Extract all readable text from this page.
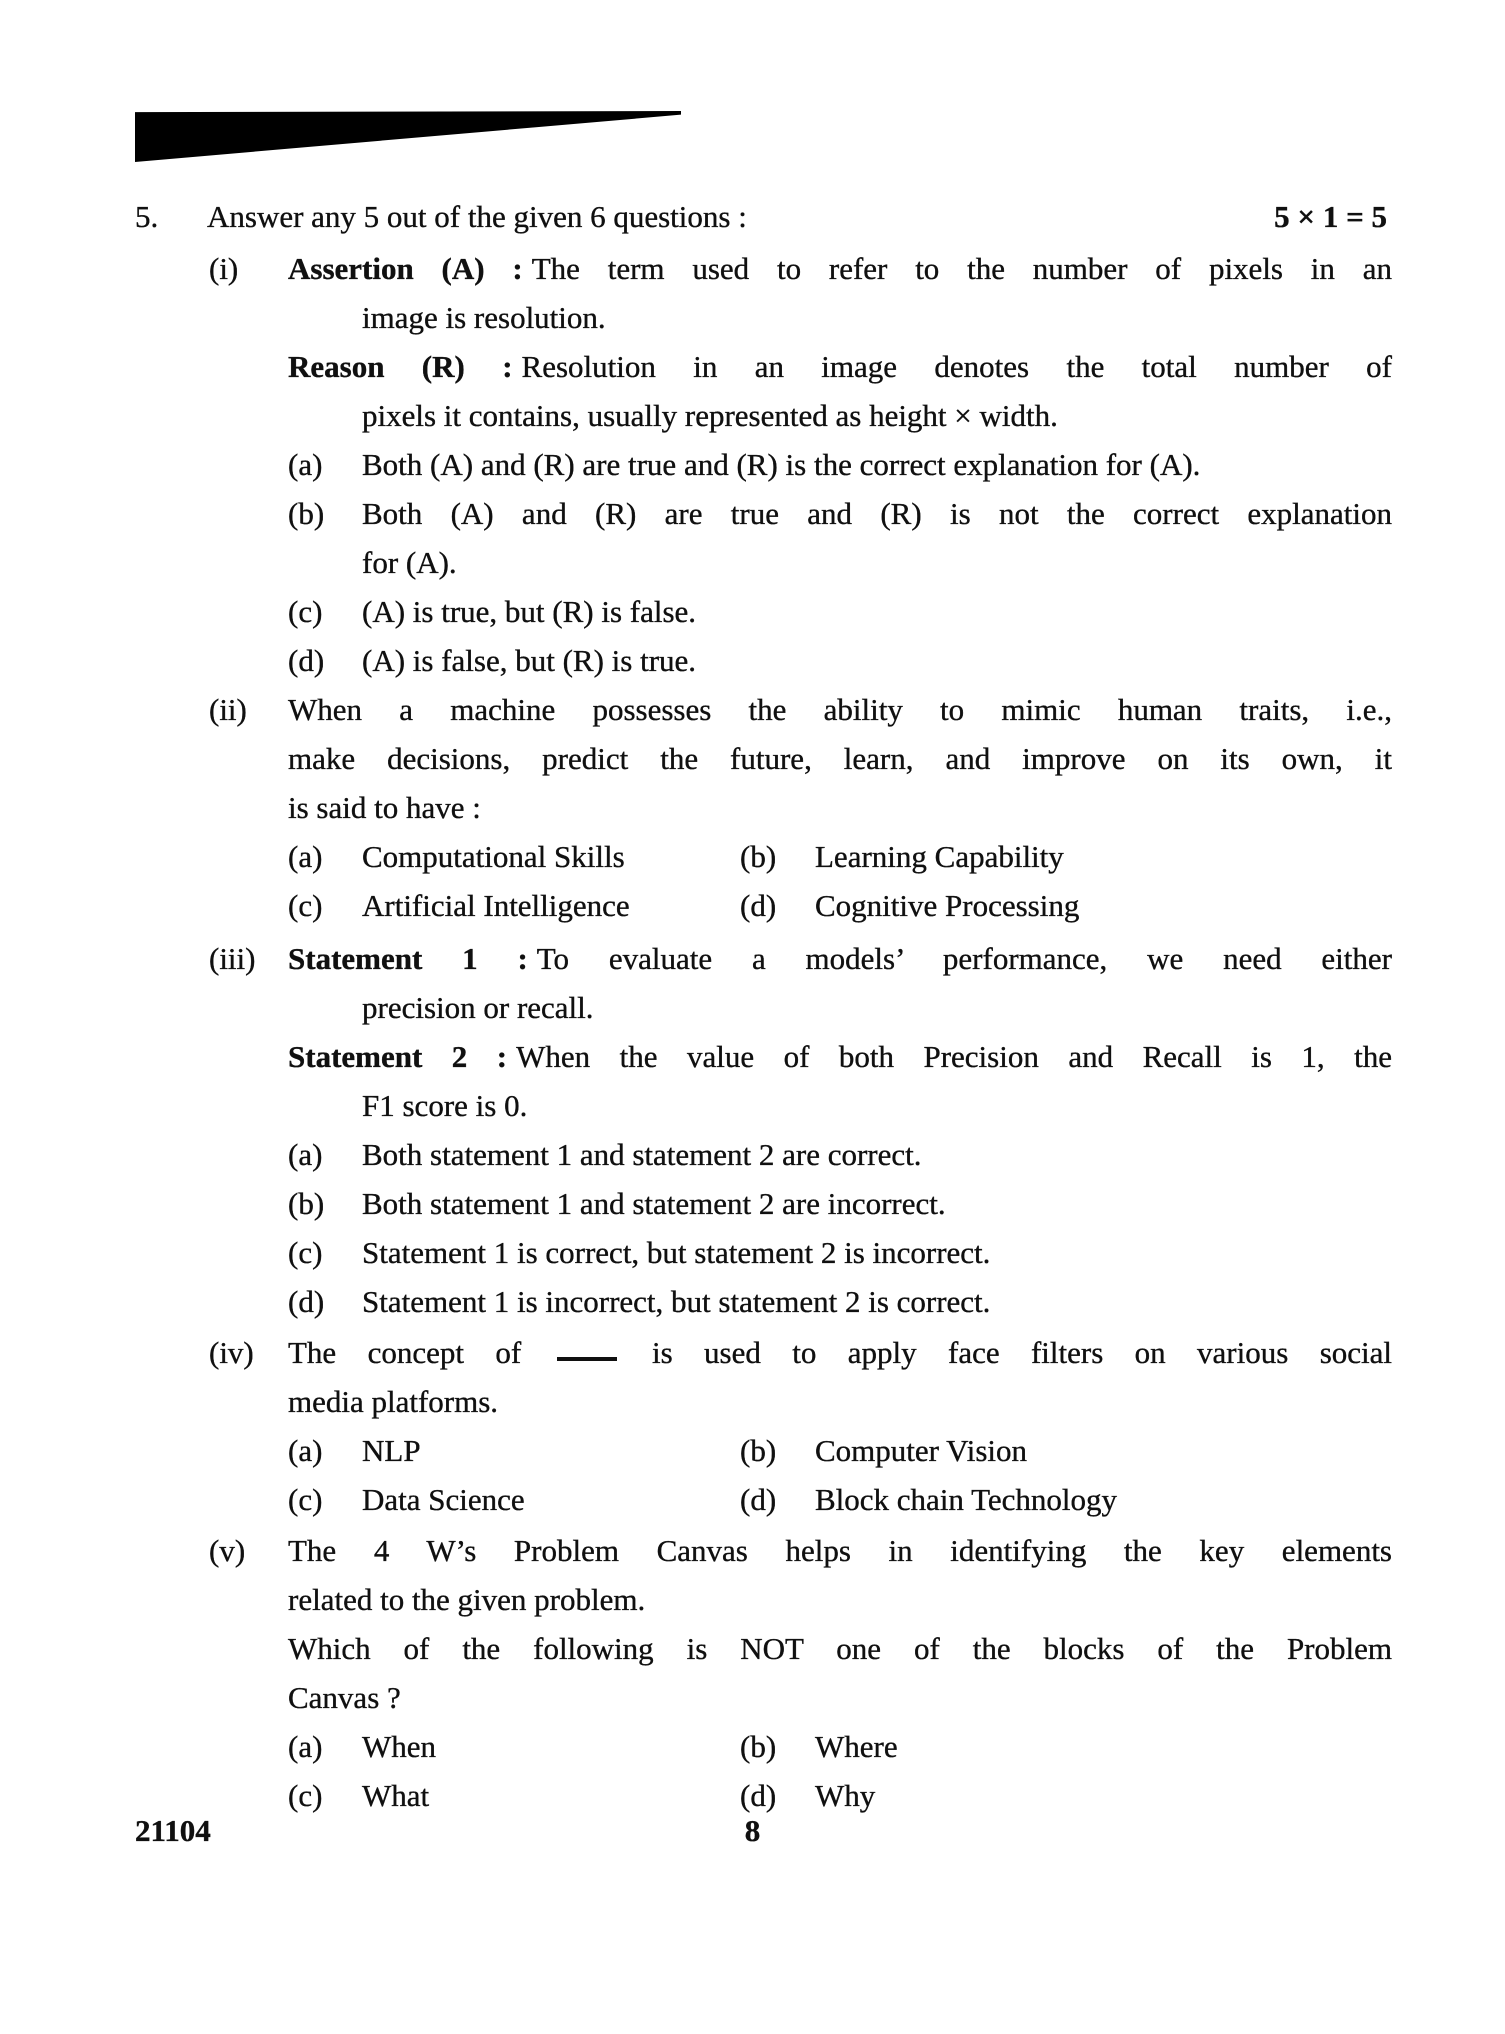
5. Answer any 5 out of the given 6 questions :	5 × 1 = 5
(i) Assertion (A) : The term used to refer to the number of pixels in an
image is resolution.
Reason (R) : Resolution in an image denotes the total number of
pixels it contains, usually represented as height × width.
(a) Both (A) and (R) are true and (R) is the correct explanation for (A).
(b) Both (A) and (R) are true and (R) is not the correct explanation
for (A).
(c) (A) is true, but (R) is false.
(d) (A) is false, but (R) is true.
(ii) When a machine possesses the ability to mimic human traits, i.e.,
make decisions, predict the future, learn, and improve on its own, it
is said to have :
(a) Computational Skills	(b) Learning Capability
(c) Artificial Intelligence	(d) Cognitive Processing
(iii) Statement 1 : To evaluate a models’ performance, we need either
precision or recall.
Statement 2 : When the value of both Precision and Recall is 1, the
F1 score is 0.
(a) Both statement 1 and statement 2 are correct.
(b) Both statement 1 and statement 2 are incorrect.
(c) Statement 1 is correct, but statement 2 is incorrect.
(d) Statement 1 is incorrect, but statement 2 is correct.
(iv) The concept of	is used to apply face filters on various social
media platforms.
(a) NLP	(b) Computer Vision
(c) Data Science	(d) Block chain Technology
(v) The 4 W’s Problem Canvas helps in identifying the key elements
related to the given problem.
Which of the following is NOT one of the blocks of the Problem
Canvas ?
(a) When	(b) Where
(c) What	(d) Why
21104	8
